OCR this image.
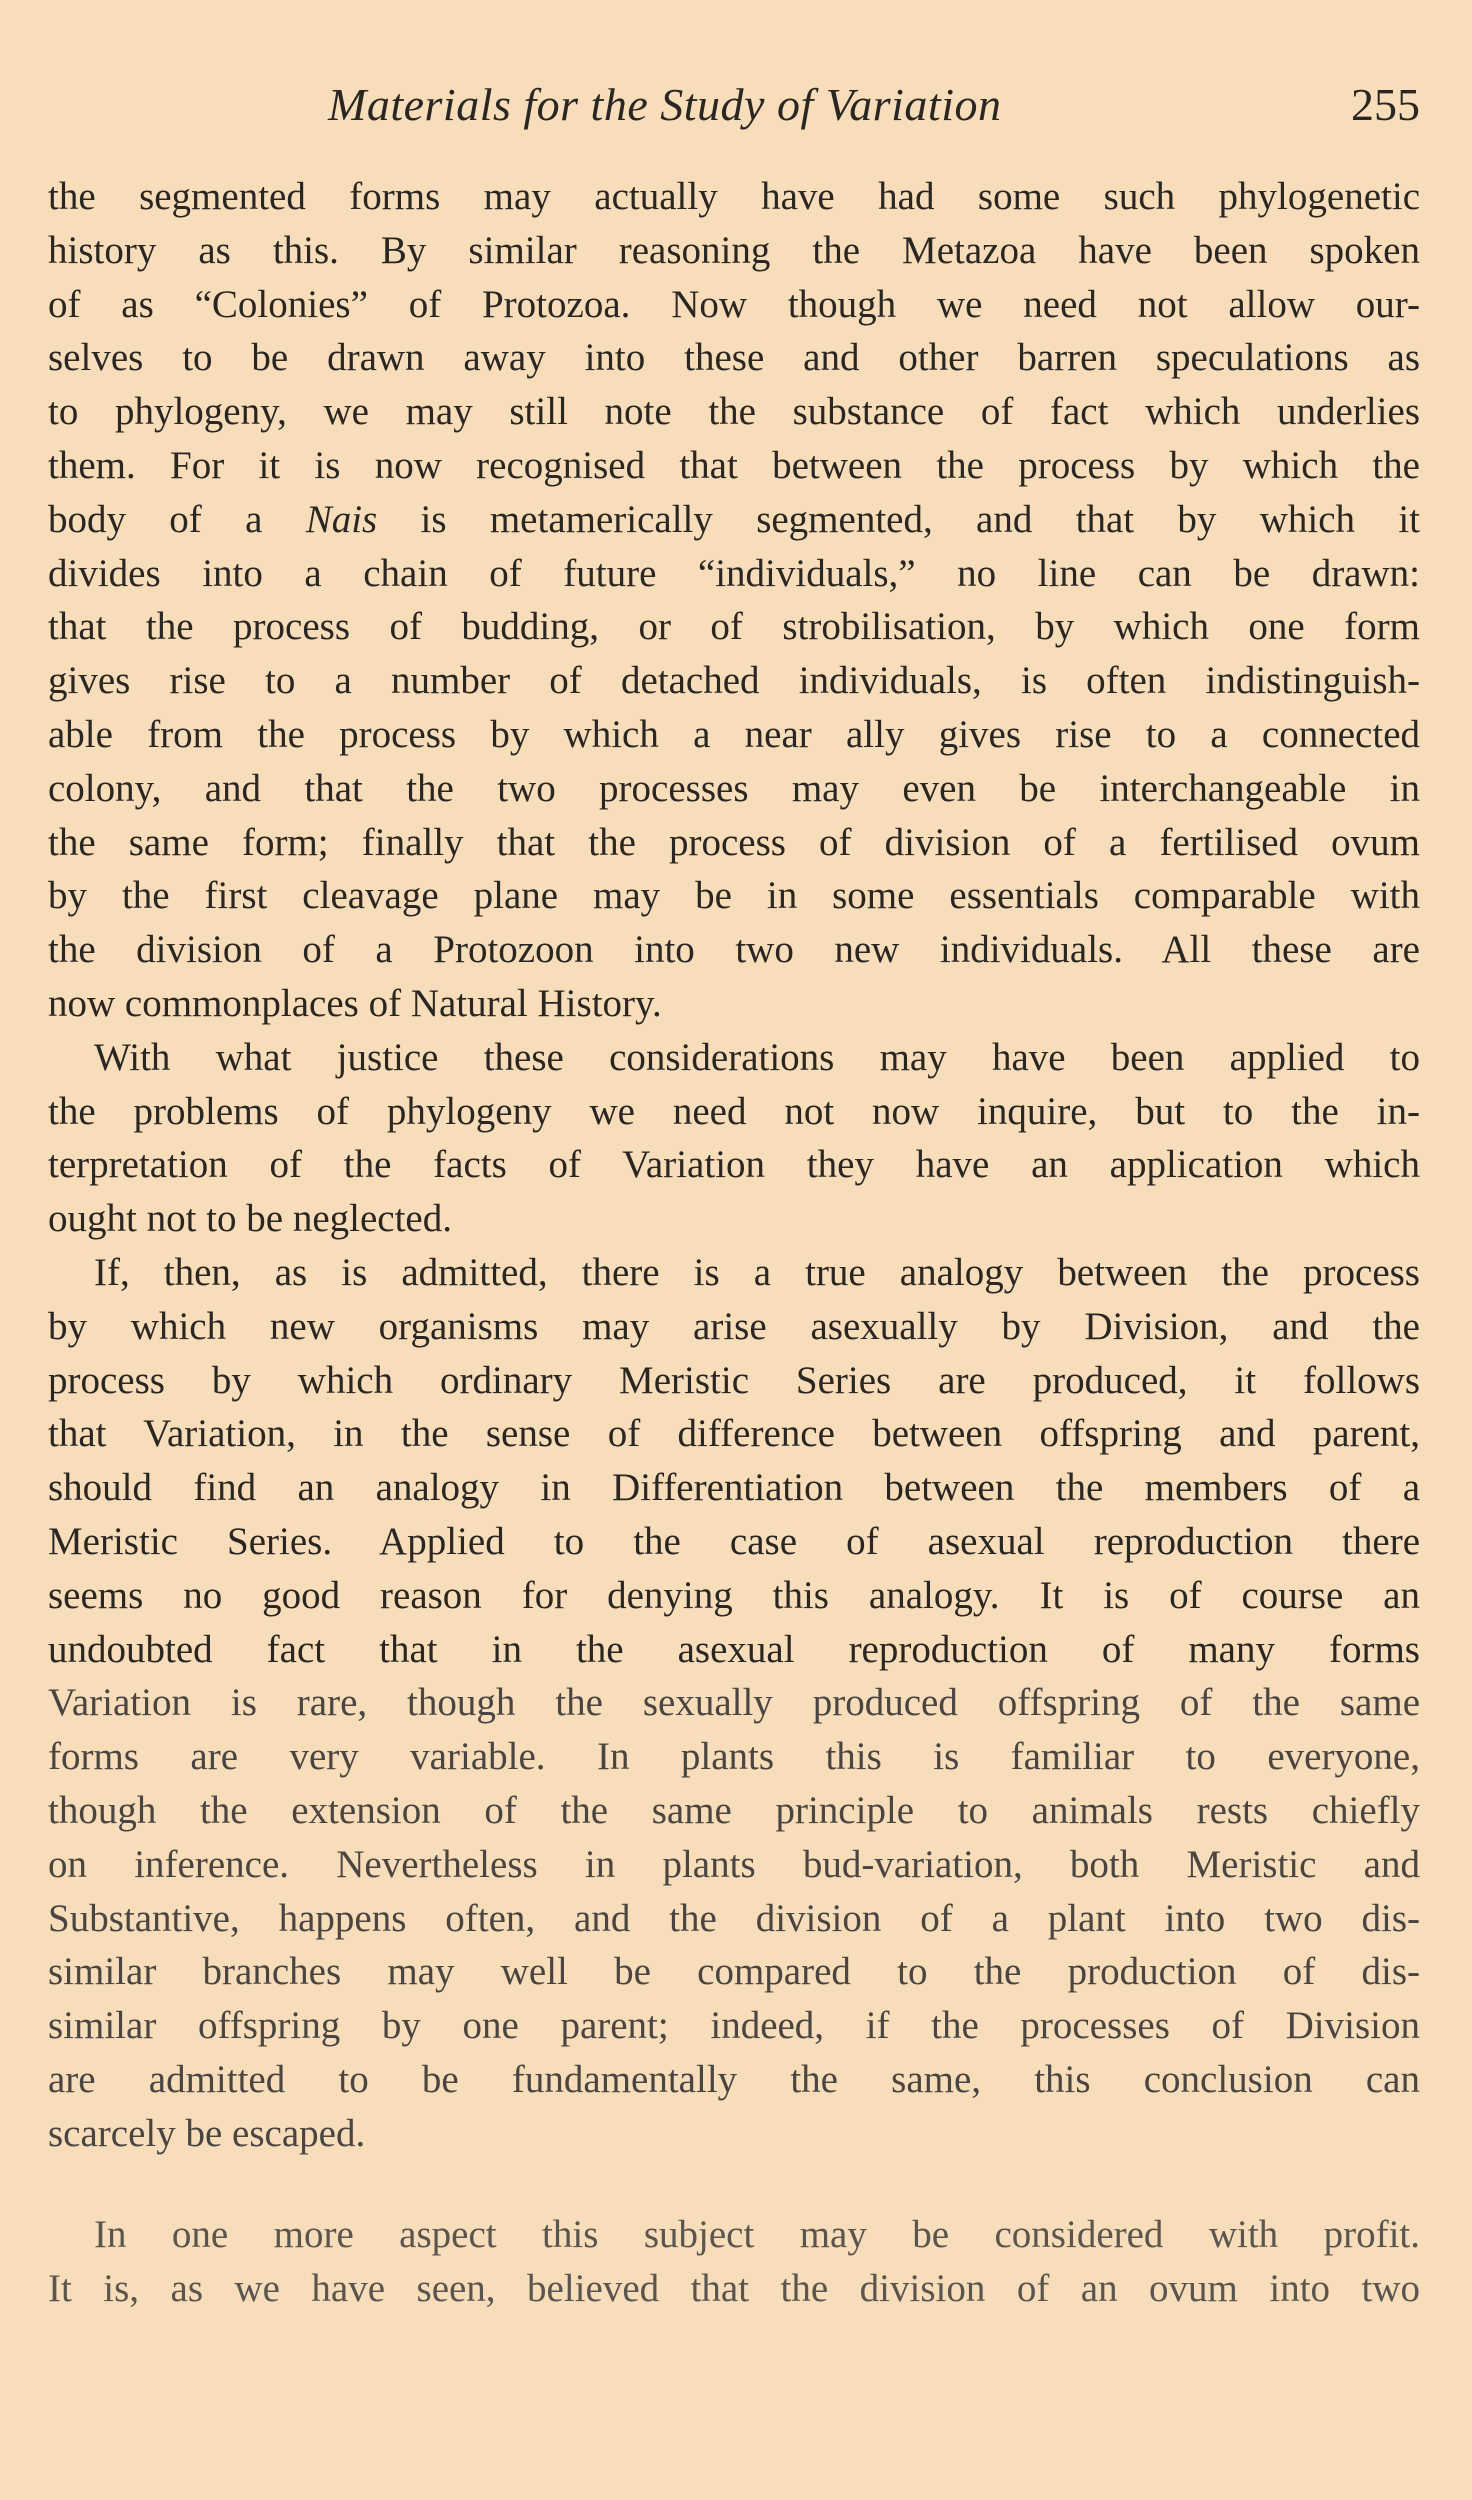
Materials for the Study of Variation	255

the segmented forms may actually have had some such phylogenetic

history as this. By similar reasoning the Metazoa have been spoken

of as “Colonies” of Protozoa. Now though we need not allow our-

selves to be drawn away into these and other barren speculations as

to phylogeny, we may still note the substance of fact which underlies

them. For it is now recognised that between the process by which the

body of a Nais is metamerically segmented, and that by which it

divides into a chain of future “individuals,” no line can be drawn:

that the process of budding, or of strobilisation, by which one form

gives rise to a number of detached individuals, is often indistinguish-

able from the process by which a near ally gives rise to a connected

colony, and that the two processes may even be interchangeable in

the same form; finally that the process of division of a fertilised ovum

by the first cleavage plane may be in some essentials comparable with

the division of a Protozoon into two new individuals. All these are

now commonplaces of Natural History.

With what justice these considerations may have been applied to

the problems of phylogeny we need not now inquire, but to the in-

terpretation of the facts of Variation they have an application which

ought not to be neglected.

If, then, as is admitted, there is a true analogy between the process

by which new organisms may arise asexually by Division, and the

process by which ordinary Meristic Series are produced, it follows

that Variation, in the sense of difference between offspring and parent,

should find an analogy in Differentiation between the members of a

Meristic Series. Applied to the case of asexual reproduction there

seems no good reason for denying this analogy. It is of course an

undoubted fact that in the asexual reproduction of many forms

Variation is rare, though the sexually produced offspring of the same

forms are very variable. In plants this is familiar to everyone,

though the extension of the same principle to animals rests chiefly

on inference. Nevertheless in plants bud-variation, both Meristic and

Substantive, happens often, and the division of a plant into two dis-

similar branches may well be compared to the production of dis-

similar offspring by one parent; indeed, if the processes of Division

are admitted to be fundamentally the same, this conclusion can

scarcely be escaped.

In one more aspect this subject may be considered with profit.

It is, as we have seen, believed that the division of an ovum into two
